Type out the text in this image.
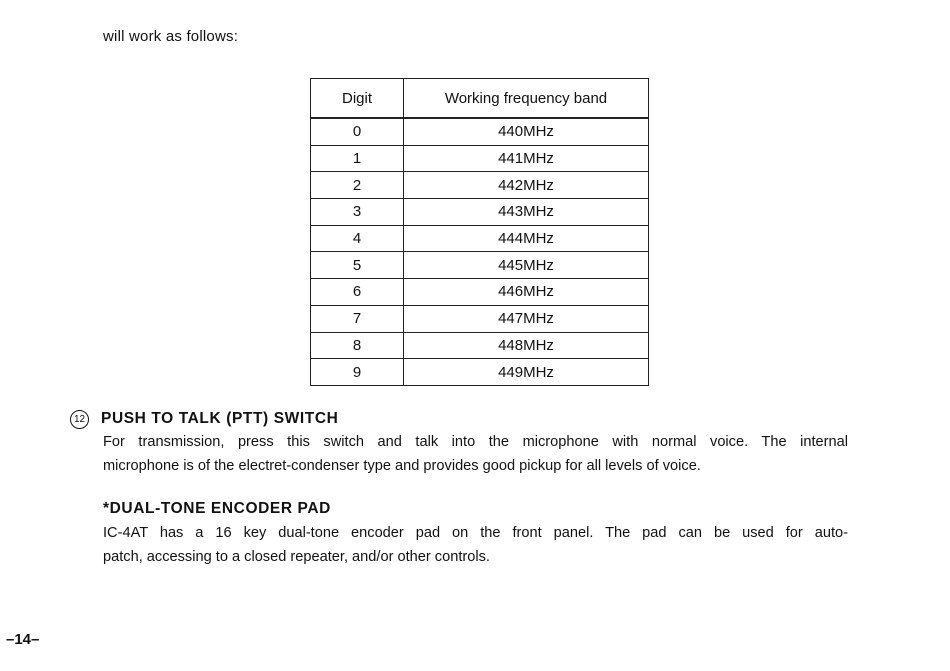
will work as follows:
Digit	Working frequency band
0	440MHz
1	441MHz
2	442MHz
3	443MHz
4	444MHz
5	445MHz
6	446MHz
7	447MHz
8	448MHz
9	449MHz
12 PUSH TO TALK (PTT) SWITCH
For transmission, press this switch and talk into the microphone with normal voice. The internal
microphone is of the electret-condenser type and provides good pickup for all levels of voice.
*DUAL-TONE ENCODER PAD
IC-4AT has a 16 key dual-tone encoder pad on the front panel. The pad can be used for auto-
patch, accessing to a closed repeater, and/or other controls.
–14–
